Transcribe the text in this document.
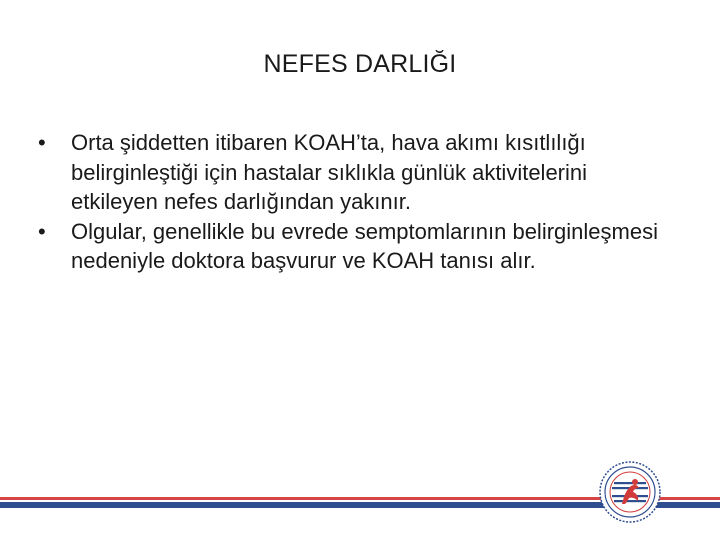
NEFES DARLIĞI
• Orta şiddetten itibaren KOAH’ta, hava akımı kısıtlılığı belirginleştiği için hastalar sıklıkla günlük aktivitelerini etkileyen nefes darlığından yakınır.
• Olgular, genellikle bu evrede semptomlarının belirginleşmesi nedeniyle doktora başvurur ve KOAH tanısı alır.
